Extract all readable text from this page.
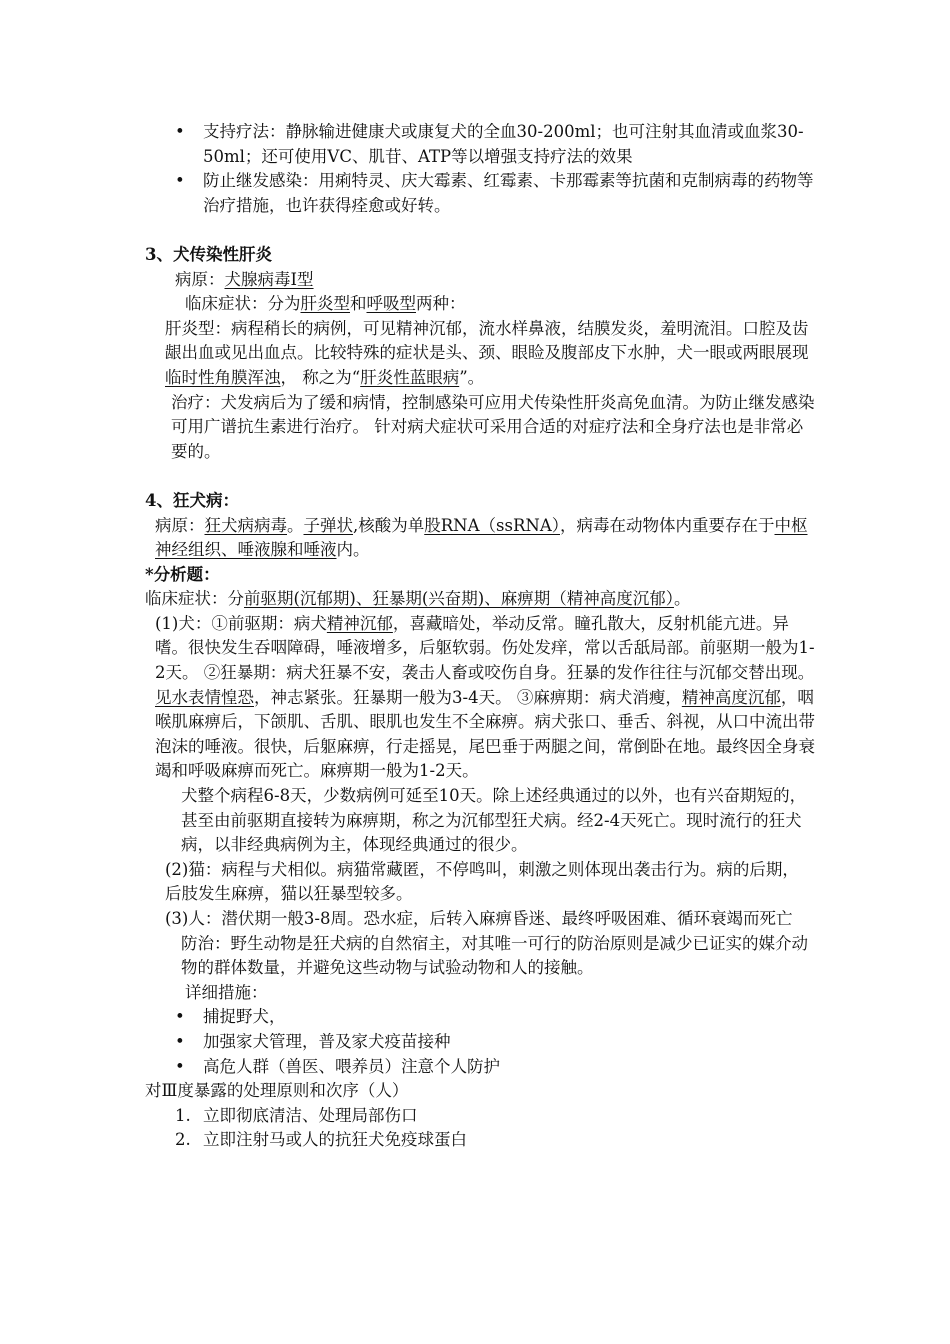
• 支持疗法：静脉输进健康犬或康复犬的全血30-200ml；也可注射其血清或血浆30-50ml；还可使用VC、肌苷、ATP等以增强支持疗法的效果
• 防止继发感染：用痢特灵、庆大霉素、红霉素、卡那霉素等抗菌和克制病毒的药物等治疗措施，也许获得痊愈或好转。
3、犬传染性肝炎
病原：犬腺病毒Ⅰ型
临床症状：分为肝炎型和呼吸型两种：
肝炎型：病程稍长的病例，可见精神沉郁，流水样鼻液，结膜发炎，羞明流泪。口腔及齿龈出血或见出血点。比较特殊的症状是头、颈、眼睑及腹部皮下水肿，犬一眼或两眼展现临时性角膜浑浊， 称之为“肝炎性蓝眼病”。
治疗：犬发病后为了缓和病情，控制感染可应用犬传染性肝炎高免血清。为防止继发感染可用广谱抗生素进行治疗。 针对病犬症状可采用合适的对症疗法和全身疗法也是非常必要的。
4、狂犬病：
病原：狂犬病病毒。子弹状,核酸为单股RNA（ssRNA），病毒在动物体内重要存在于中枢神经组织、唾液腺和唾液内。
*分析题：
临床症状：分前驱期(沉郁期)、狂暴期(兴奋期)、麻痹期（精神高度沉郁）。
(1)犬：①前驱期：病犬精神沉郁，喜藏暗处，举动反常。瞳孔散大，反射机能亢进。异嗜。很快发生吞咽障碍，唾液增多，后躯软弱。伤处发痒，常以舌舐局部。前驱期一般为1-2天。 ②狂暴期：病犬狂暴不安，袭击人畜或咬伤自身。狂暴的发作往往与沉郁交替出现。见水表情惶恐，神志紧张。狂暴期一般为3-4天。 ③麻痹期：病犬消瘦，精神高度沉郁，咽喉肌麻痹后，下颌肌、舌肌、眼肌也发生不全麻痹。病犬张口、垂舌、斜视，从口中流出带泡沫的唾液。很快，后躯麻痹，行走摇晃，尾巴垂于两腿之间，常倒卧在地。最终因全身衰竭和呼吸麻痹而死亡。麻痹期一般为1-2天。
犬整个病程6-8天，少数病例可延至10天。除上述经典通过的以外，也有兴奋期短的，甚至由前驱期直接转为麻痹期，称之为沉郁型狂犬病。经2-4天死亡。现时流行的狂犬病，以非经典病例为主，体现经典通过的很少。
(2)猫：病程与犬相似。病猫常藏匿，不停鸣叫，刺激之则体现出袭击行为。病的后期，后肢发生麻痹，猫以狂暴型较多。
(3)人：潜伏期一般3-8周。恐水症，后转入麻痹昏迷、最终呼吸困难、循环衰竭而死亡
防治：野生动物是狂犬病的自然宿主，对其唯一可行的防治原则是减少已证实的媒介动物的群体数量，并避免这些动物与试验动物和人的接触。
详细措施：
• 捕捉野犬，
• 加强家犬管理，普及家犬疫苗接种
• 高危人群（兽医、喂养员）注意个人防护
对Ⅲ度暴露的处理原则和次序（人）
1. 立即彻底清洁、处理局部伤口
2. 立即注射马或人的抗狂犬免疫球蛋白
